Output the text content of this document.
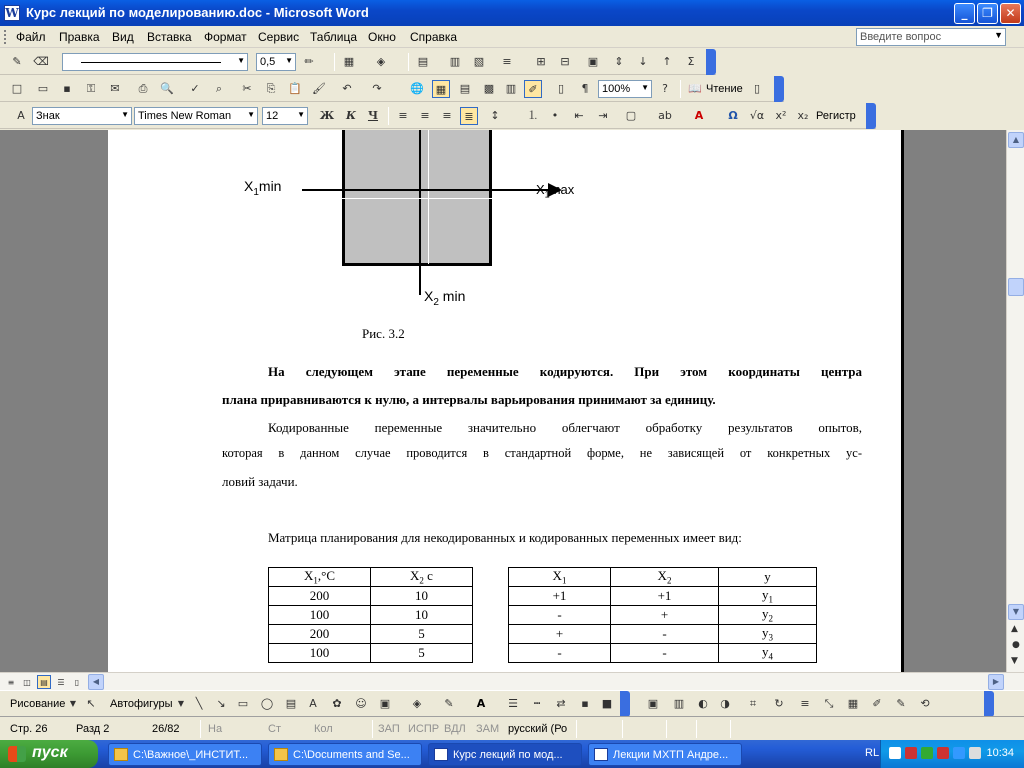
W Курс лекций по моделированию.doc - Microsoft Word	_	❐	✕
Файл Правка Вид Вставка Формат Сервис Таблица Окно Справка	Введите вопрос	▼
✎	⌫	▼	0,5 ▼	✏	▦	◈	▤	▥	▧	≡	⊞	⊟	▣	⇕	↓	↑	Σ
□	▭	▪	⚿	✉	⎙	🔍	✓	⌕	✂	⎘	📋 🖌	↶	↷	🌐	▦	▤	▩	▥	✐	▯	¶	100% ▼	?	📖 Чтение	▯
A	Знак	▼ Times New Roman ▼	12 ▼ Ж	К	Ч	≡	≡	≡	≣	↕	⒈	•	⇤	⇥	▢	ab	A	Ω	√α	x²	x₂ Регистр
$X_1\min$	$X_1\max$
$X_2$ min
Рис. 3.2
На следующем этапе переменные кодируются. При этом координаты центра
плана приравниваются к нулю, а интервалы варьирования принимают за единицу.
Кодированные переменные значительно облегчают обработку результатов опытов,
которая в данном случае проводится в стандартной форме, не зависящей от конкретных ус-
ловий задачи.
Матрица планирования для некодированных и кодированных переменных имеет вид:
$X_1,^\circ C$	$X_2$ c
200	10
100	10
200	5
100	5
$X_1$	$X_2$	y
+1	+1	$y_1$
-	+	$y_2$
+	-	$y_3$
-	-	$y_4$
▲
▼
▲
●
▼
≡	◫	▤	☰	▯	◀	▶
Рисование ▼ ↖	Автофигуры ▼	╲	↘	▭	◯	▤	A	✿	☺	▣	◈	✎	A	☰	┅	⇄	▪	■	▣	▥	◐	◑	⌗	↻	≡	⤡	▦	✐	✎	⟲
Стр. 26	Разд 2	26/82	На	Ст	Кол	ЗАП ИСПР ВДЛ ЗАМ русский (Ро
пуск	C:\Важное\_ИНСТИТ...	C:\Documents and Se...	Курс лекций по мод...	Лекции МХТП Андре...	RL	10:34
